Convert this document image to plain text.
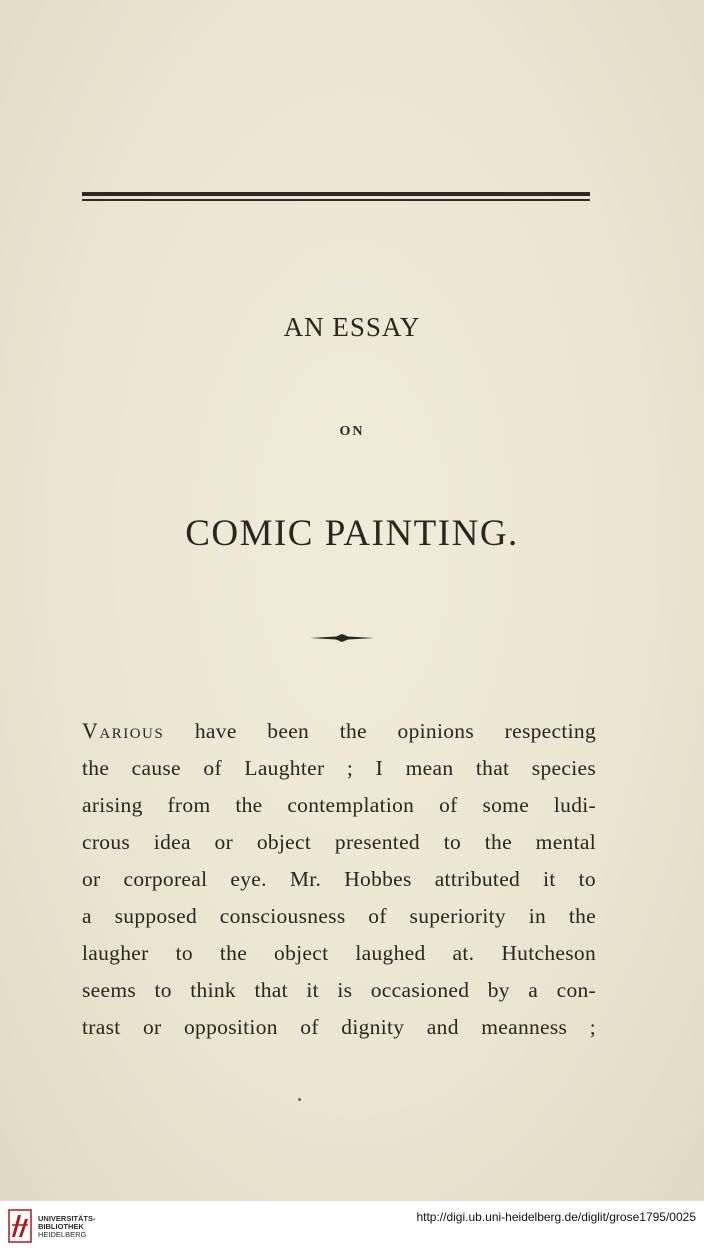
AN ESSAY
ON
COMIC PAINTING.
Various have been the opinions respecting
the cause of Laughter ; I mean that species
arising from the contemplation of some ludi-
crous idea or object presented to the mental
or corporeal eye. Mr. Hobbes attributed it to
a supposed consciousness of superiority in the
laugher to the object laughed at. Hutcheson
seems to think that it is occasioned by a con-
trast or opposition of dignity and meanness ;
UNIVERSITÄTS-
BIBLIOTHEK
HEIDELBERG
http://digi.ub.uni-heidelberg.de/diglit/grose1795/0025
